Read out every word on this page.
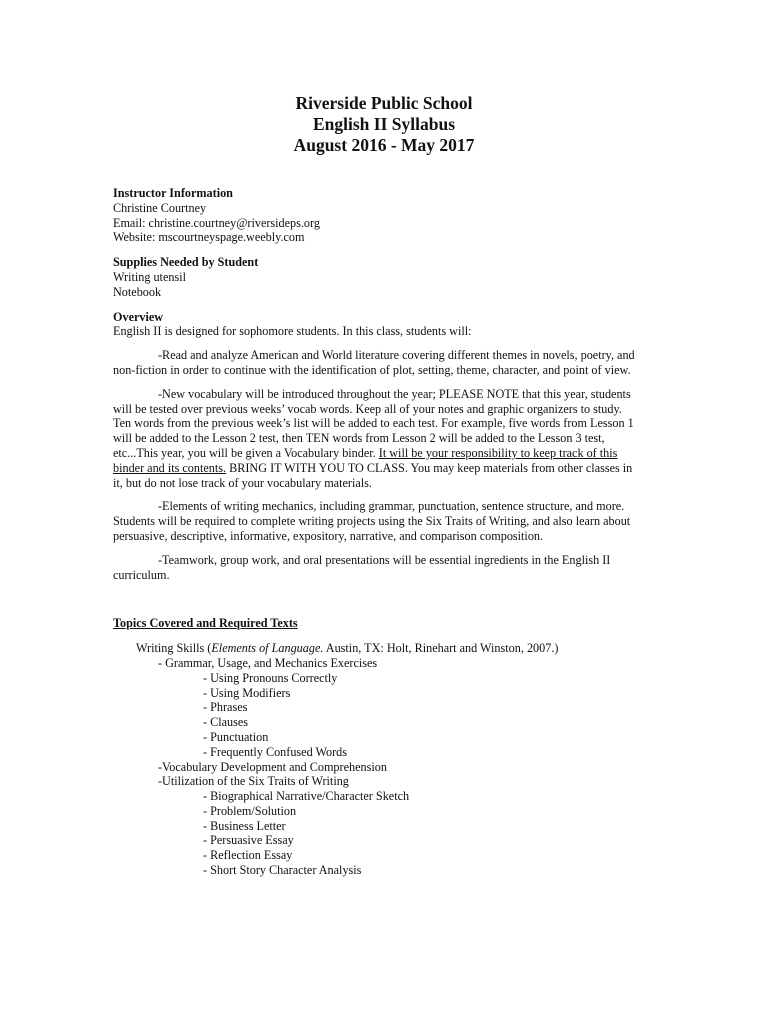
Riverside Public School
English II Syllabus
August 2016 - May 2017
Instructor Information
Christine Courtney
Email: christine.courtney@riversideps.org
Website: mscourtneyspage.weebly.com
Supplies Needed by Student
Writing utensil
Notebook
Overview
English II is designed for sophomore students. In this class, students will:
-Read and analyze American and World literature covering different themes in novels, poetry, and
non-fiction in order to continue with the identification of plot, setting, theme, character, and point of view.
-New vocabulary will be introduced throughout the year; PLEASE NOTE that this year, students
will be tested over previous weeks’ vocab words. Keep all of your notes and graphic organizers to study.
Ten words from the previous week’s list will be added to each test. For example, five words from Lesson 1
will be added to the Lesson 2 test, then TEN words from Lesson 2 will be added to the Lesson 3 test,
etc...This year, you will be given a Vocabulary binder. It will be your responsibility to keep track of this
binder and its contents. BRING IT WITH YOU TO CLASS. You may keep materials from other classes in
it, but do not lose track of your vocabulary materials.
-Elements of writing mechanics, including grammar, punctuation, sentence structure, and more.
Students will be required to complete writing projects using the Six Traits of Writing, and also learn about
persuasive, descriptive, informative, expository, narrative, and comparison composition.
-Teamwork, group work, and oral presentations will be essential ingredients in the English II
curriculum.
Topics Covered and Required Texts
Writing Skills (Elements of Language. Austin, TX: Holt, Rinehart and Winston, 2007.)
- Grammar, Usage, and Mechanics Exercises
- Using Pronouns Correctly
- Using Modifiers
- Phrases
- Clauses
- Punctuation
- Frequently Confused Words
-Vocabulary Development and Comprehension
-Utilization of the Six Traits of Writing
- Biographical Narrative/Character Sketch
- Problem/Solution
- Business Letter
- Persuasive Essay
- Reflection Essay
- Short Story Character Analysis
